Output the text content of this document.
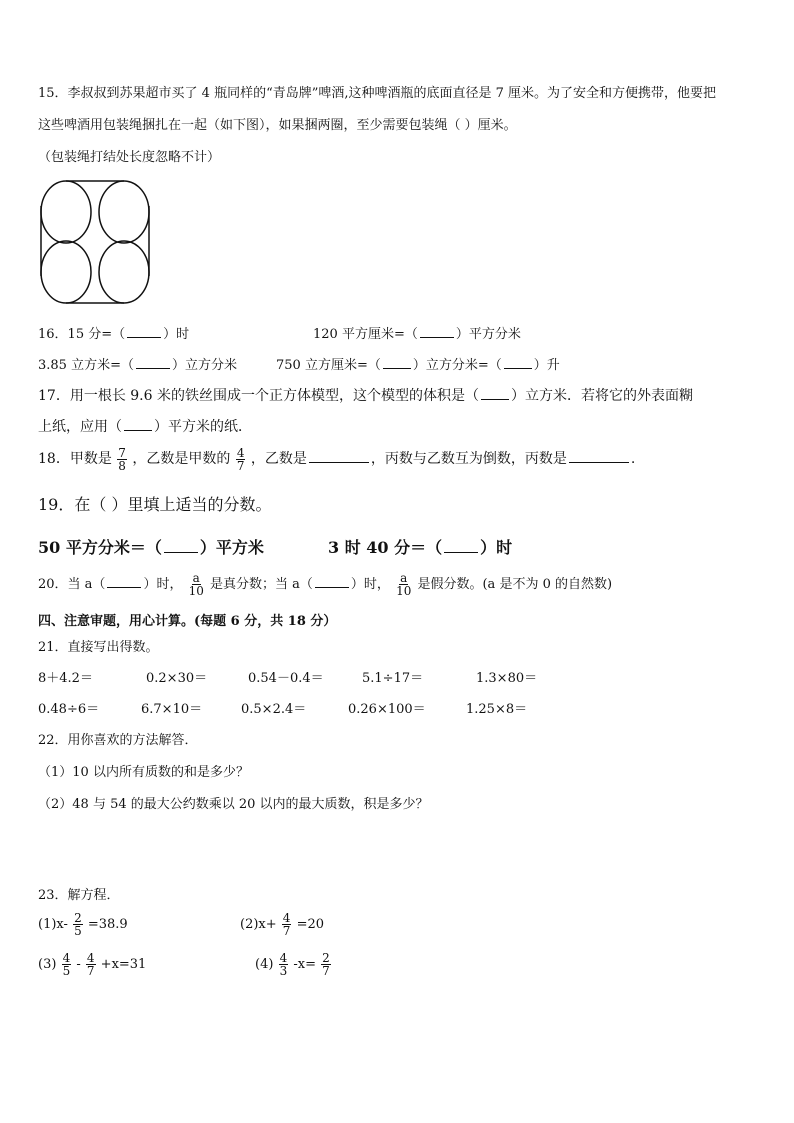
15．李叔叔到苏果超市买了 4 瓶同样的“青岛牌”啤酒,这种啤酒瓶的底面直径是 7 厘米。为了安全和方便携带，他要把
这些啤酒用包装绳捆扎在一起（如下图），如果捆两圈，至少需要包装绳（ ）厘米。
（包装绳打结处长度忽略不计）
16．15 分=（	）时	120 平方厘米=（	）平方分米
3.85 立方米=（	）立方分米	750 立方厘米=（ ）立方分米=（ ）升
17．用一根长 9.6 米的铁丝围成一个正方体模型，这个模型的体积是（ ）立方米．若将它的外表面糊
上纸，应用（ ）平方米的纸．
18．甲数是 $\frac{7}{8}$ ，乙数是甲数的 $\frac{4}{7}$ ，乙数是	，丙数与乙数互为倒数，丙数是	.
19．在（ ）里填上适当的分数。
50 平方分米＝（ ）平方米	3 时 40 分＝（ ）时
20．当 a（	）时， $\frac{a}{10}$ 是真分数；当 a（	）时， $\frac{a}{10}$ 是假分数。(a 是不为 0 的自然数)
四、注意审题，用心计算。(每题 6 分，共 18 分）
21．直接写出得数。
8＋4.2＝	0.2×30＝	0.54－0.4＝	5.1÷17＝	1.3×80＝
0.48÷6＝	6.7×10＝	0.5×2.4＝	0.26×100＝	1.25×8＝
22．用你喜欢的方法解答．
（1）10 以内所有质数的和是多少？
（2）48 与 54 的最大公约数乘以 20 以内的最大质数，积是多少？
23．解方程．
$(1)x- \frac{2}{5} =38.9$	$(2)x+ \frac{4}{7} =20$
$(3) \frac{4}{5} - \frac{4}{7} +x=31$	$(4) \frac{4}{3} -x= \frac{2}{7}$
